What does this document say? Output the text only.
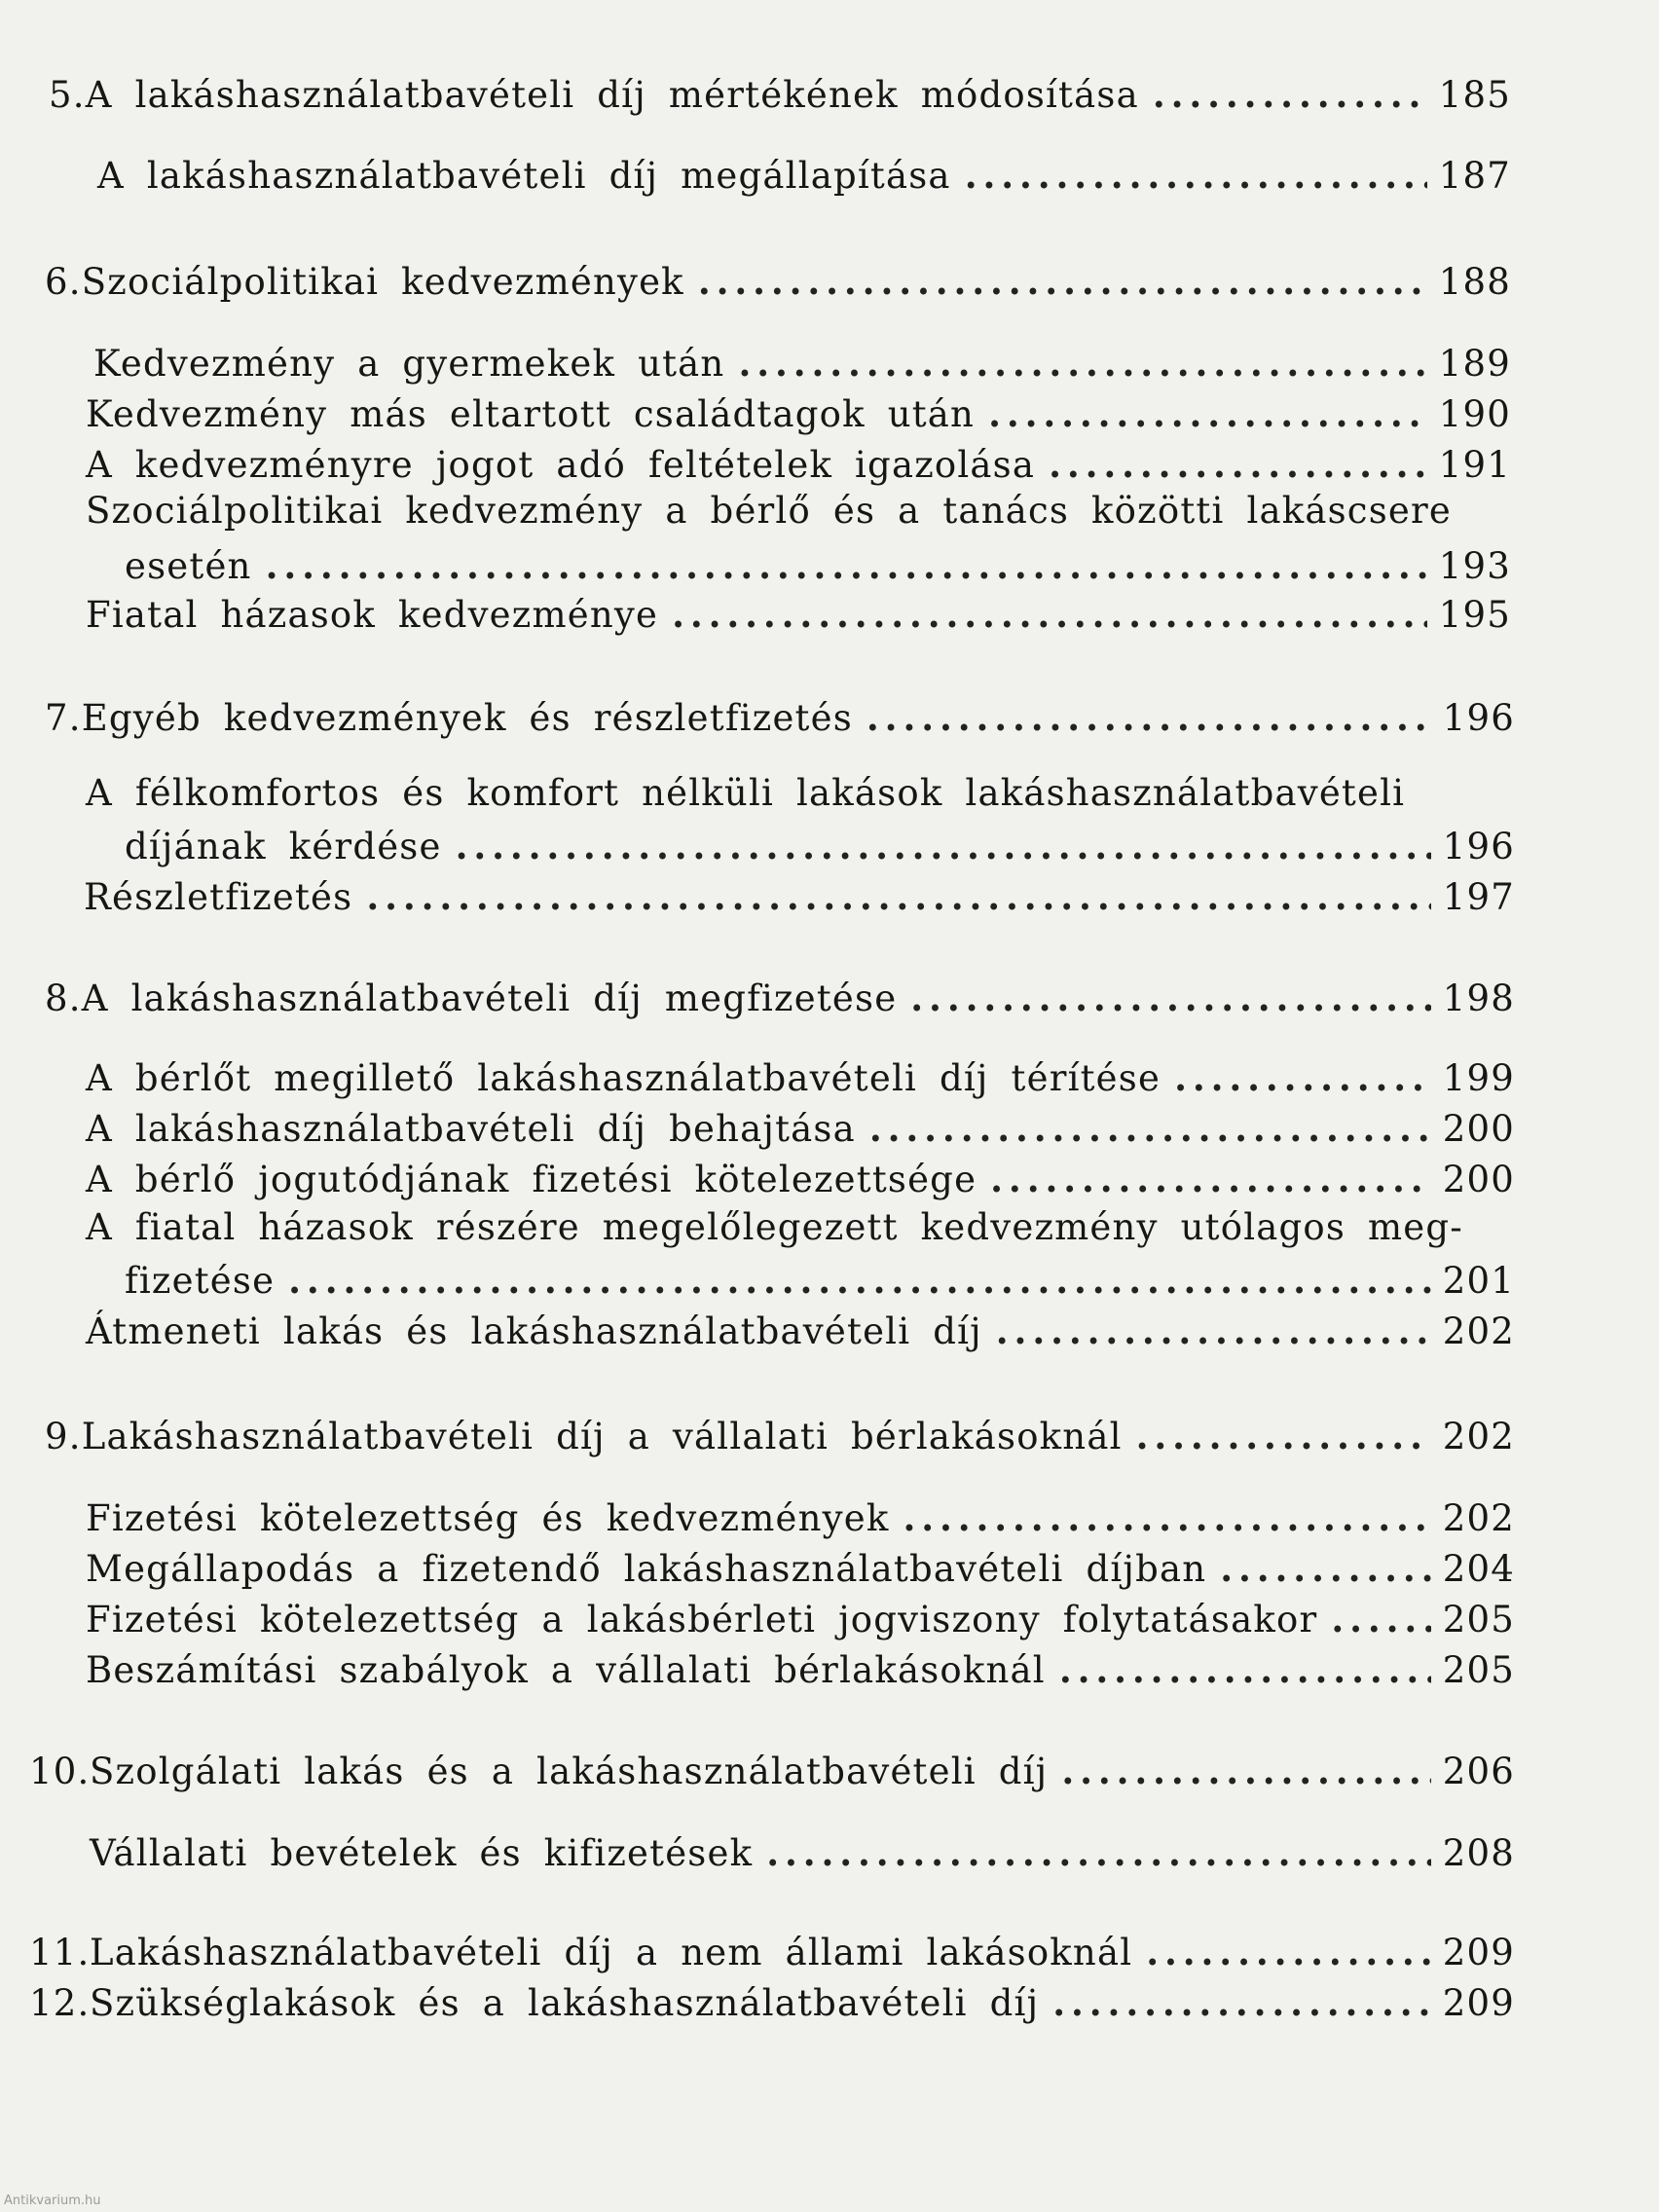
5. A lakáshasználatbavételi díj mértékének módosítása . . .	185
A lakáshasználatbavételi díj megállapítása . . .	187
6. Szociálpolitikai kedvezmények . . .	188
Kedvezmény a gyermekek után . . .	189
Kedvezmény más eltartott családtagok után . . .	190
A kedvezményre jogot adó feltételek igazolása . . .	191
Szociálpolitikai kedvezmény a bérlő és a tanács közötti lakáscsere
esetén . . .	193
Fiatal házasok kedvezménye . . .	195
7. Egyéb kedvezmények és részletfizetés . . .	196
A félkomfortos és komfort nélküli lakások lakáshasználatbavételi
díjának kérdése . . .	196
Részletfizetés . . .	197
8. A lakáshasználatbavételi díj megfizetése . . .	198
A bérlőt megillető lakáshasználatbavételi díj térítése . . .	199
A lakáshasználatbavételi díj behajtása . . .	200
A bérlő jogutódjának fizetési kötelezettsége . . .	200
A fiatal házasok részére megelőlegezett kedvezmény utólagos meg-
fizetése . . .	201
Átmeneti lakás és lakáshasználatbavételi díj . . .	202
9. Lakáshasználatbavételi díj a vállalati bérlakásoknál . . .	202
Fizetési kötelezettség és kedvezmények . . .	202
Megállapodás a fizetendő lakáshasználatbavételi díjban . . .	204
Fizetési kötelezettség a lakásbérleti jogviszony folytatásakor . . .	205
Beszámítási szabályok a vállalati bérlakásoknál . . .	205
10. Szolgálati lakás és a lakáshasználatbavételi díj . . .	206
Vállalati bevételek és kifizetések . . .	208
11. Lakáshasználatbavételi díj a nem állami lakásoknál . . .	209
12. Szükséglakások és a lakáshasználatbavételi díj . . .	209
Antikvarium.hu
